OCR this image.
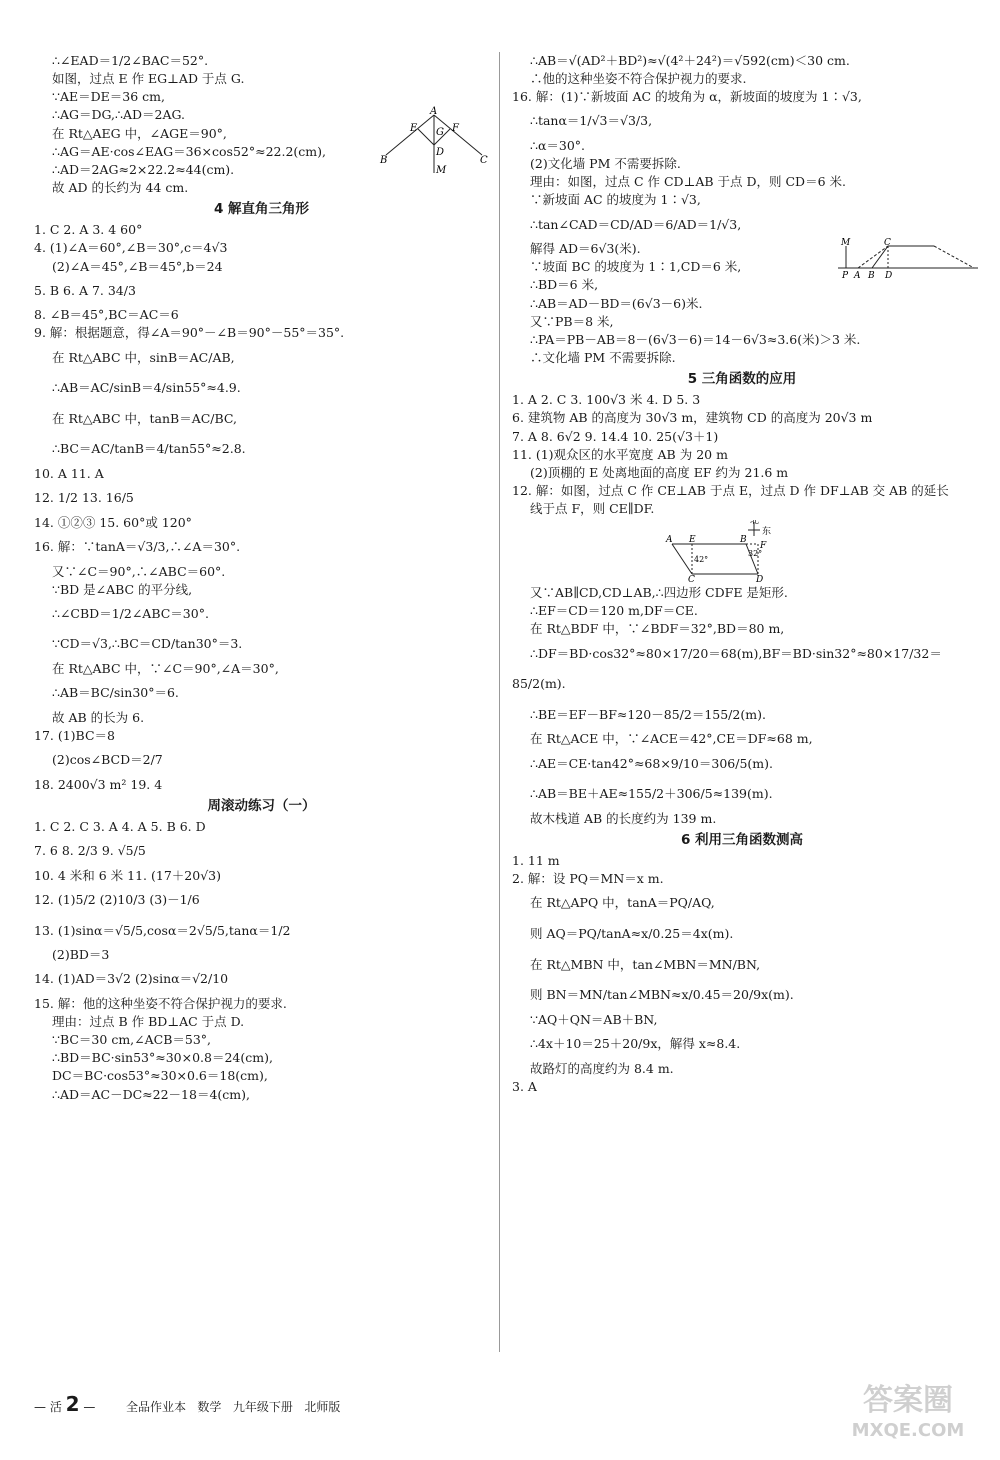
∴∠EAD＝1/2∠BAC＝52°.

如图，过点 E 作 EG⊥AD 于点 G.

∵AE＝DE＝36 cm,

∴AG＝DG,∴AD＝2AG.

在 Rt△AEG 中，∠AGE＝90°,

∴AG＝AE·cos∠EAG＝36×cos52°≈22.2(cm),

∴AD＝2AG≈2×22.2≈44(cm).

故 AD 的长约为 44 cm.

4 解直角三角形

1. C 2. A 3. 4 60°

4. (1)∠A＝60°,∠B＝30°,c＝4√3

(2)∠A＝45°,∠B＝45°,b＝24

5. B 6. A 7. 34/3

8. ∠B＝45°,BC＝AC＝6

9. 解：根据题意，得∠A＝90°－∠B＝90°－55°＝35°.

在 Rt△ABC 中，sinB＝AC/AB,

∴AB＝AC/sinB＝4/sin55°≈4.9.

在 Rt△ABC 中，tanB＝AC/BC,

∴BC＝AC/tanB＝4/tan55°≈2.8.

10. A 11. A

12. 1/2 13. 16/5

14. ①②③ 15. 60°或 120°

16. 解：∵tanA＝√3/3,∴∠A＝30°.

又∵∠C＝90°,∴∠ABC＝60°.

∵BD 是∠ABC 的平分线,

∴∠CBD＝1/2∠ABC＝30°.

∵CD＝√3,∴BC＝CD/tan30°＝3.

在 Rt△ABC 中，∵∠C＝90°,∠A＝30°,

∴AB＝BC/sin30°＝6.

故 AB 的长为 6.

17. (1)BC＝8

(2)cos∠BCD＝2/7

18. 2400√3 m² 19. 4

周滚动练习（一）

1. C 2. C 3. A 4. A 5. B 6. D

7. 6 8. 2/3 9. √5/5

10. 4 米和 6 米 11. (17＋20√3)

12. (1)5/2 (2)10/3 (3)－1/6

13. (1)sinα＝√5/5,cosα＝2√5/5,tanα＝1/2

(2)BD＝3

14. (1)AD＝3√2 (2)sinα＝√2/10

15. 解：他的这种坐姿不符合保护视力的要求.

理由：过点 B 作 BD⊥AC 于点 D.

∵BC＝30 cm,∠ACB＝53°,

∴BD＝BC·sin53°≈30×0.8＝24(cm),

DC＝BC·cos53°≈30×0.6＝18(cm),

∴AD＝AC－DC≈22－18＝4(cm),

∴AB＝√(AD²＋BD²)≈√(4²＋24²)＝√592(cm)＜30 cm.

∴他的这种坐姿不符合保护视力的要求.

16. 解：(1)∵新坡面 AC 的坡角为 α，新坡面的坡度为 1∶√3,

∴tanα＝1/√3＝√3/3,

∴α＝30°.

(2)文化墙 PM 不需要拆除.

理由：如图，过点 C 作 CD⊥AB 于点 D，则 CD＝6 米.

∵新坡面 AC 的坡度为 1∶√3,

∴tan∠CAD＝CD/AD＝6/AD＝1/√3,

解得 AD＝6√3(米).

∵坡面 BC 的坡度为 1∶1,CD＝6 米,

∴BD＝6 米,

∴AB＝AD－BD＝(6√3－6)米.

又∵PB＝8 米,

∴PA＝PB－AB＝8－(6√3－6)＝14－6√3≈3.6(米)＞3 米.

∴文化墙 PM 不需要拆除.

5 三角函数的应用

1. A 2. C 3. 100√3 米 4. D 5. 3

6. 建筑物 AB 的高度为 30√3 m，建筑物 CD 的高度为 20√3 m

7. A 8. 6√2 9. 14.4 10. 25(√3＋1)

11. (1)观众区的水平宽度 AB 为 20 m

(2)顶棚的 E 处离地面的高度 EF 约为 21.6 m

12. 解：如图，过点 C 作 CE⊥AB 于点 E，过点 D 作 DF⊥AB 交 AB 的延长

线于点 F，则 CE∥DF.

北
东
A E	B
F
C	D
42°
32°

又∵AB∥CD,CD⊥AB,∴四边形 CDFE 是矩形.

∴EF＝CD＝120 m,DF＝CE.

在 Rt△BDF 中，∵∠BDF＝32°,BD＝80 m,

∴DF＝BD·cos32°≈80×17/20＝68(m),BF＝BD·sin32°≈80×17/32＝

85/2(m).

∴BE＝EF－BF≈120－85/2＝155/2(m).

在 Rt△ACE 中，∵∠ACE＝42°,CE＝DF≈68 m,

∴AE＝CE·tan42°≈68×9/10＝306/5(m).

∴AB＝BE＋AE≈155/2＋306/5≈139(m).

故木栈道 AB 的长度约为 139 m.

6 利用三角函数测高

1. 11 m

2. 解：设 PQ＝MN＝x m.

在 Rt△APQ 中，tanA＝PQ/AQ,

则 AQ＝PQ/tanA≈x/0.25＝4x(m).

在 Rt△MBN 中，tan∠MBN＝MN/BN,

则 BN＝MN/tan∠MBN≈x/0.45＝20/9x(m).

∵AQ＋QN＝AB＋BN,

∴4x＋10＝25＋20/9x，解得 x≈8.4.

故路灯的高度约为 8.4 m.

3. A

E
A
F
G
B
D
C
M
M	C
P A B D
— 活 2 —	全品作业本 数学 九年级下册 北师版	答案圈
MXQE.COM
